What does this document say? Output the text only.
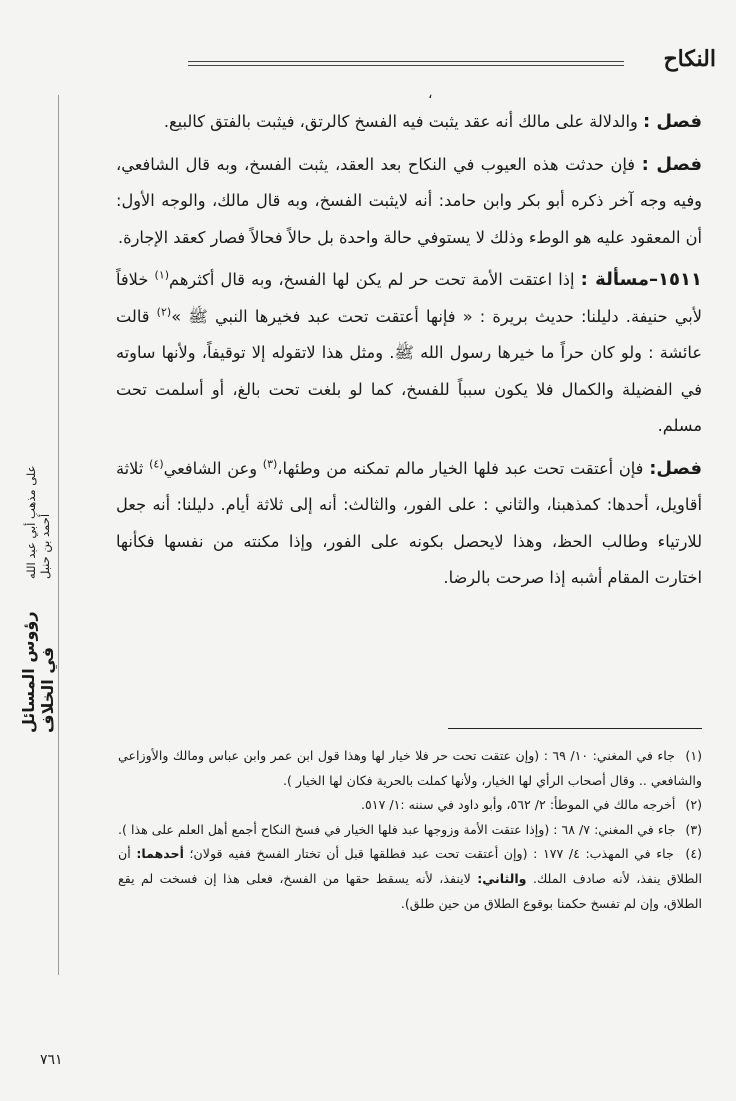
النكاح
،
رؤوس المسائل في الخلاف
على مذهب أبي عبد الله أحمد بن حنبل

فصل : والدلالة على مالك أنه عقد يثبت فيه الفسخ كالرتق، فيثبت بالفتق كالبيع.

فصل : فإن حدثت هذه العيوب في النكاح بعد العقد، يثبت الفسخ، وبه قال الشافعي، وفيه وجه آخر ذكره أبو بكر وابن حامد: أنه لايثبت الفسخ، وبه قال مالك، والوجه الأول: أن المعقود عليه هو الوطء وذلك لا يستوفي حالة واحدة بل حالاً فحالاً فصار كعقد الإجارة.

١٥١١–مسألة : إذا اعتقت الأمة تحت حر لم يكن لها الفسخ، وبه قال أكثرهم$^{(١)}$ خلافاً لأبي حنيفة. دليلنا: حديث بريرة : « فإنها أعتقت تحت عبد فخيرها النبي ﷺ »$^{(٢)}$ قالت عائشة : ولو كان حراً ما خيرها رسول الله ﷺ. ومثل هذا لاتقوله إلا توقيفاً، ولأنها ساوته في الفضيلة والكمال فلا يكون سبباً للفسخ، كما لو بلغت تحت بالغ، أو أسلمت تحت مسلم.

فصل: فإن أعتقت تحت عبد فلها الخيار مالم تمكنه من وطئها،$^{(٣)}$ وعن الشافعي$^{(٤)}$ ثلاثة أقاويل، أحدها: كمذهبنا، والثاني : على الفور، والثالث: أنه إلى ثلاثة أيام. دليلنا: أنه جعل للارتياء وطالب الحظ، وهذا لايحصل بكونه على الفور، وإذا مكنته من نفسها فكأنها اختارت المقام أشبه إذا صرحت بالرضا.

(١) جاء في المغني: ١٠/ ٦٩ : (وإن عتقت تحت حر فلا خيار لها وهذا قول ابن عمر وابن عباس ومالك والأوزاعي والشافعي .. وقال أصحاب الرأي لها الخيار، ولأنها كملت بالحرية فكان لها الخيار ).

(٢) أخرجه مالك في الموطأ: ٢/ ٥٦٢، وأبو داود في سننه :١/ ٥١٧.

(٣) جاء في المغني: ٧/ ٦٨ : (وإذا عتقت الأمة وزوجها عبد فلها الخيار في فسخ النكاح أجمع أهل العلم على هذا ).

(٤) جاء في المهذب: ٤/ ١٧٧ : (وإن أعتقت تحت عبد فطلقها قبل أن تختار الفسخ ففيه قولان؛ أحدهما: أن الطلاق ينفذ، لأنه صادف الملك. والثاني: لاينفذ، لأنه يسقط حقها من الفسخ، فعلى هذا إن فسخت لم يقع الطلاق، وإن لم تفسخ حكمنا بوقوع الطلاق من حين طلق).

٧٦١
